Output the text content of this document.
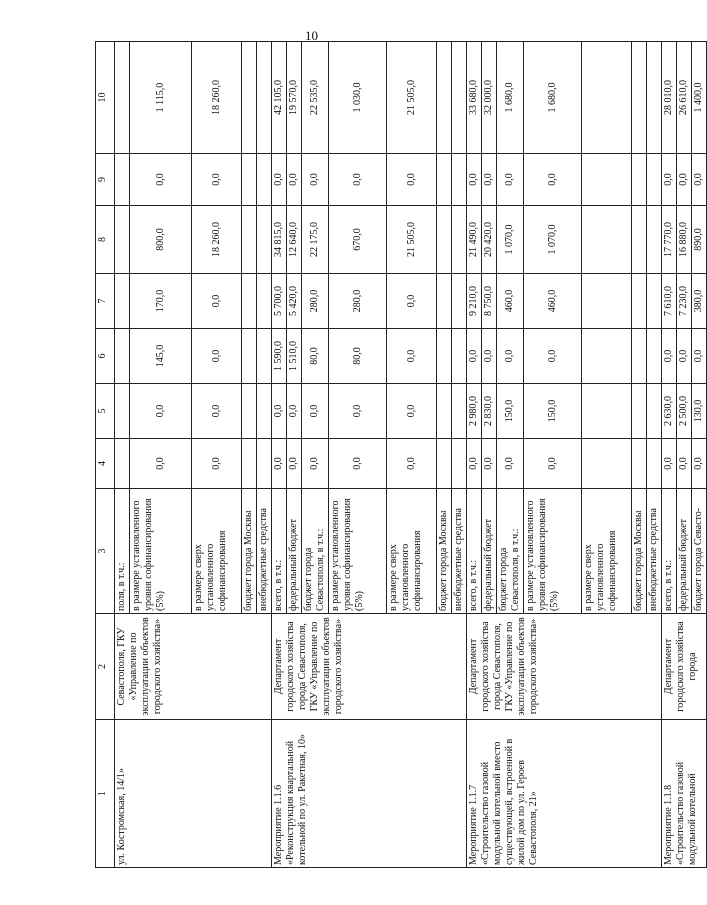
10
1	2	3	4	5	6	7	8	9	10
ул. Костромская, 14/1»	Севастополя, ГКУ «Управление по эксплуатации объектов городского хозяйства»	поля, в т.ч.:							
		в размере установленного уровня софинансирования (5%)	0,0	0,0	145,0	170,0	800,0	0,0	1 115,0
		в размере сверх установленного софинансирования	0,0	0,0	0,0	0,0	18 260,0	0,0	18 260,0
		бюджет города Москвы							
		внебюджетные средства							
Мероприятие 1.1.6 «Реконструкция квартальной котельной по ул. Ракетная, 10»	Департамент городского хозяйства города Севастополя, ГКУ «Управление по эксплуатации объектов городского хозяйства»	всего, в т.ч.:	0,0	0,0	1 590,0	5 700,0	34 815,0	0,0	42 105,0
		федеральный бюджет	0,0	0,0	1 510,0	5 420,0	12 640,0	0,0	19 570,0
		бюджет города Севастополя, в т.ч.:	0,0	0,0	80,0	280,0	22 175,0	0,0	22 535,0
		в размере установленного уровня софинансирования (5%)	0,0	0,0	80,0	280,0	670,0	0,0	1 030,0
		в размере сверх установленного софинансирования	0,0	0,0	0,0	0,0	21 505,0	0,0	21 505,0
		бюджет города Москвы							
		внебюджетные средства							
Мероприятие 1.1.7 «Строительство газовой модульной котельной вместо существующей, встроенной в жилой дом по ул. Героев Севастополя, 21»	Департамент городского хозяйства города Севастополя, ГКУ «Управление по эксплуатации объектов городского хозяйства»	всего, в т.ч.:	0,0	2 980,0	0,0	9 210,0	21 490,0	0,0	33 680,0
		федеральный бюджет	0,0	2 830,0	0,0	8 750,0	20 420,0	0,0	32 000,0
		бюджет города Севастополя, в т.ч.:	0,0	150,0	0,0	460,0	1 070,0	0,0	1 680,0
		в размере установленного уровня софинансирования (5%)	0,0	150,0	0,0	460,0	1 070,0	0,0	1 680,0
		в размере сверх установленного софинансирования							
		бюджет города Москвы							
		внебюджетные средства							
Мероприятие 1.1.8 «Строительство газовой модульной котельной	Департамент городского хозяйства города	всего, в т.ч.:	0,0	2 630,0	0,0	7 610,0	17 770,0	0,0	28 010,0
		федеральный бюджет	0,0	2 500,0	0,0	7 230,0	16 880,0	0,0	26 610,0
		бюджет города Севасто-	0,0	130,0	0,0	380,0	890,0	0,0	1 400,0
